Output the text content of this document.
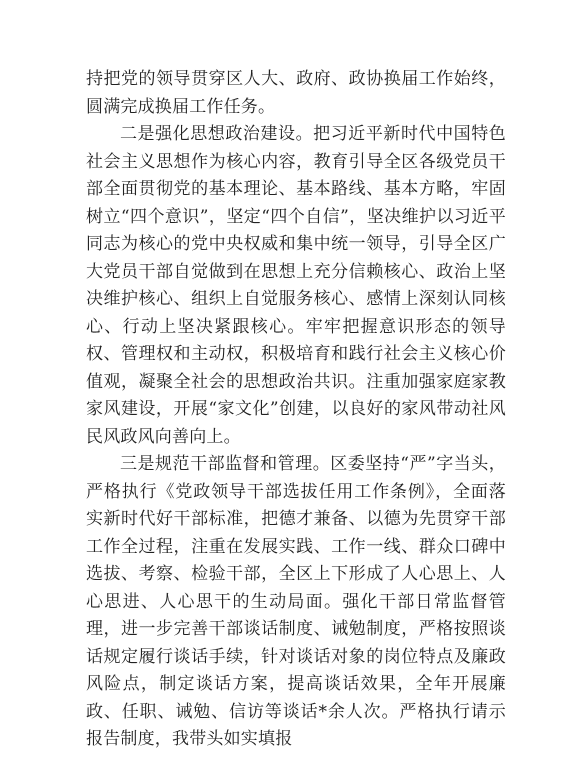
持把党的领导贯穿区人大、政府、政协换届工作始终，圆满完成换届工作任务。

二是强化思想政治建设。把习近平新时代中国特色社会主义思想作为核心内容，教育引导全区各级党员干部全面贯彻党的基本理论、基本路线、基本方略，牢固树立“四个意识”，坚定“四个自信”，坚决维护以习近平同志为核心的党中央权威和集中统一领导，引导全区广大党员干部自觉做到在思想上充分信赖核心、政治上坚决维护核心、组织上自觉服务核心、感情上深刻认同核心、行动上坚决紧跟核心。牢牢把握意识形态的领导权、管理权和主动权，积极培育和践行社会主义核心价值观，凝聚全社会的思想政治共识。注重加强家庭家教家风建设，开展“家文化”创建，以良好的家风带动社风民风政风向善向上。

三是规范干部监督和管理。区委坚持“严”字当头，严格执行《党政领导干部选拔任用工作条例》，全面落实新时代好干部标准，把德才兼备、以德为先贯穿干部工作全过程，注重在发展实践、工作一线、群众口碑中选拔、考察、检验干部，全区上下形成了人心思上、人心思进、人心思干的生动局面。强化干部日常监督管理，进一步完善干部谈话制度、诫勉制度，严格按照谈话规定履行谈话手续，针对谈话对象的岗位特点及廉政风险点，制定谈话方案，提高谈话效果，全年开展廉政、任职、诫勉、信访等谈话*余人次。严格执行请示报告制度，我带头如实填报
